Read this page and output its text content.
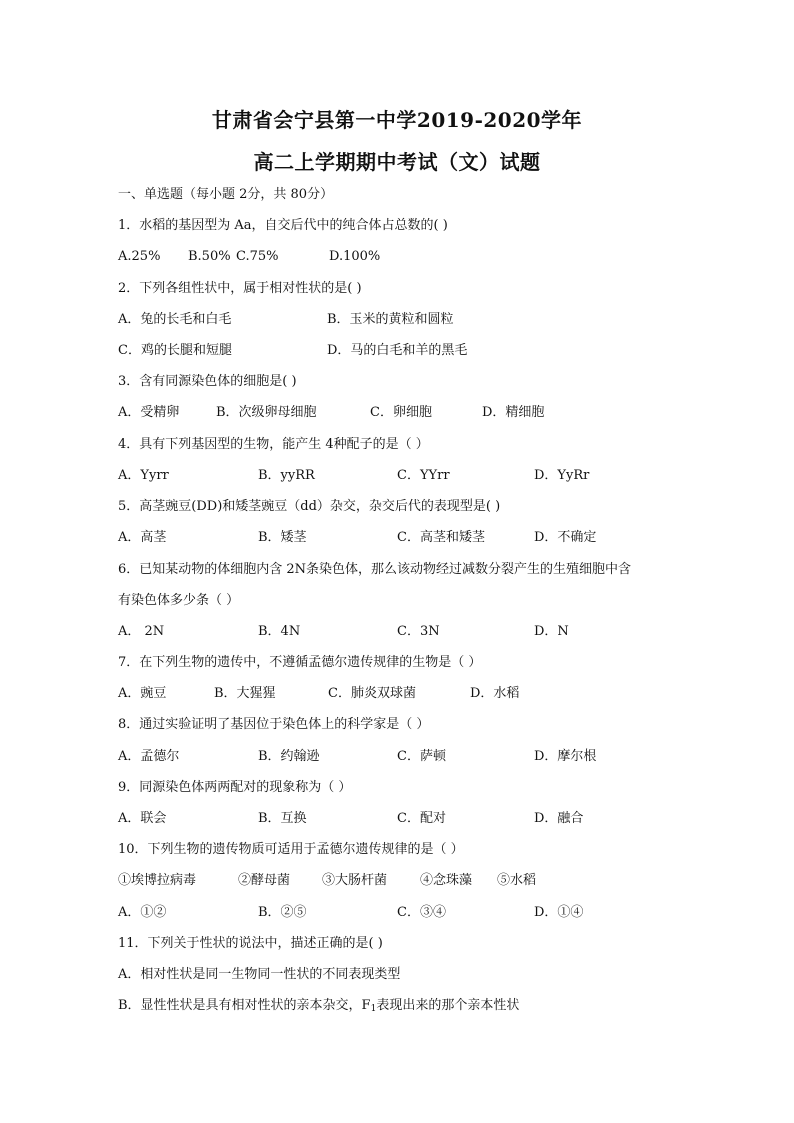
甘肃省会宁县第一中学2019-2020学年
高二上学期期中考试（文）试题
一、单选题（每小题 2分，共 80分）
1．水稻的基因型为 Aa，自交后代中的纯合体占总数的( )
A.25% B.50% C.75%	D.100%
2．下列各组性状中，属于相对性状的是( )
A．兔的长毛和白毛	B．玉米的黄粒和圆粒
C．鸡的长腿和短腿	D．马的白毛和羊的黑毛
3．含有同源染色体的细胞是( )
A．受精卵	B．次级卵母细胞	C．卵细胞	D．精细胞
4．具有下列基因型的生物，能产生 4种配子的是（ ）
A．Yyrr	B．yyRR	C．YYrr	D．YyRr
5．高茎豌豆(DD)和矮茎豌豆（dd）杂交，杂交后代的表现型是( )
A．高茎	B．矮茎	C．高茎和矮茎	D．不确定
6．已知某动物的体细胞内含 2N条染色体，那么该动物经过减数分裂产生的生殖细胞中含
有染色体多少条（ ）
A． 2N	B．4N	C．3N	D．N
7．在下列生物的遗传中，不遵循孟德尔遗传规律的生物是（ ）
A．豌豆	B．大猩猩	C．肺炎双球菌	D．水稻
8．通过实验证明了基因位于染色体上的科学家是（ ）
A．孟德尔	B．约翰逊	C．萨顿	D．摩尔根
9．同源染色体两两配对的现象称为（ ）
A．联会	B．互换	C．配对	D．融合
10．下列生物的遗传物质可适用于孟德尔遗传规律的是（ ）
①埃博拉病毒	②酵母菌 ③大肠杆菌	④念珠藻 ⑤水稻
A．①②	B．②⑤	C．③④	D．①④
11．下列关于性状的说法中，描述正确的是( )
A．相对性状是同一生物同一性状的不同表现类型
B．显性性状是具有相对性状的亲本杂交，$F_1$表现出来的那个亲本性状
